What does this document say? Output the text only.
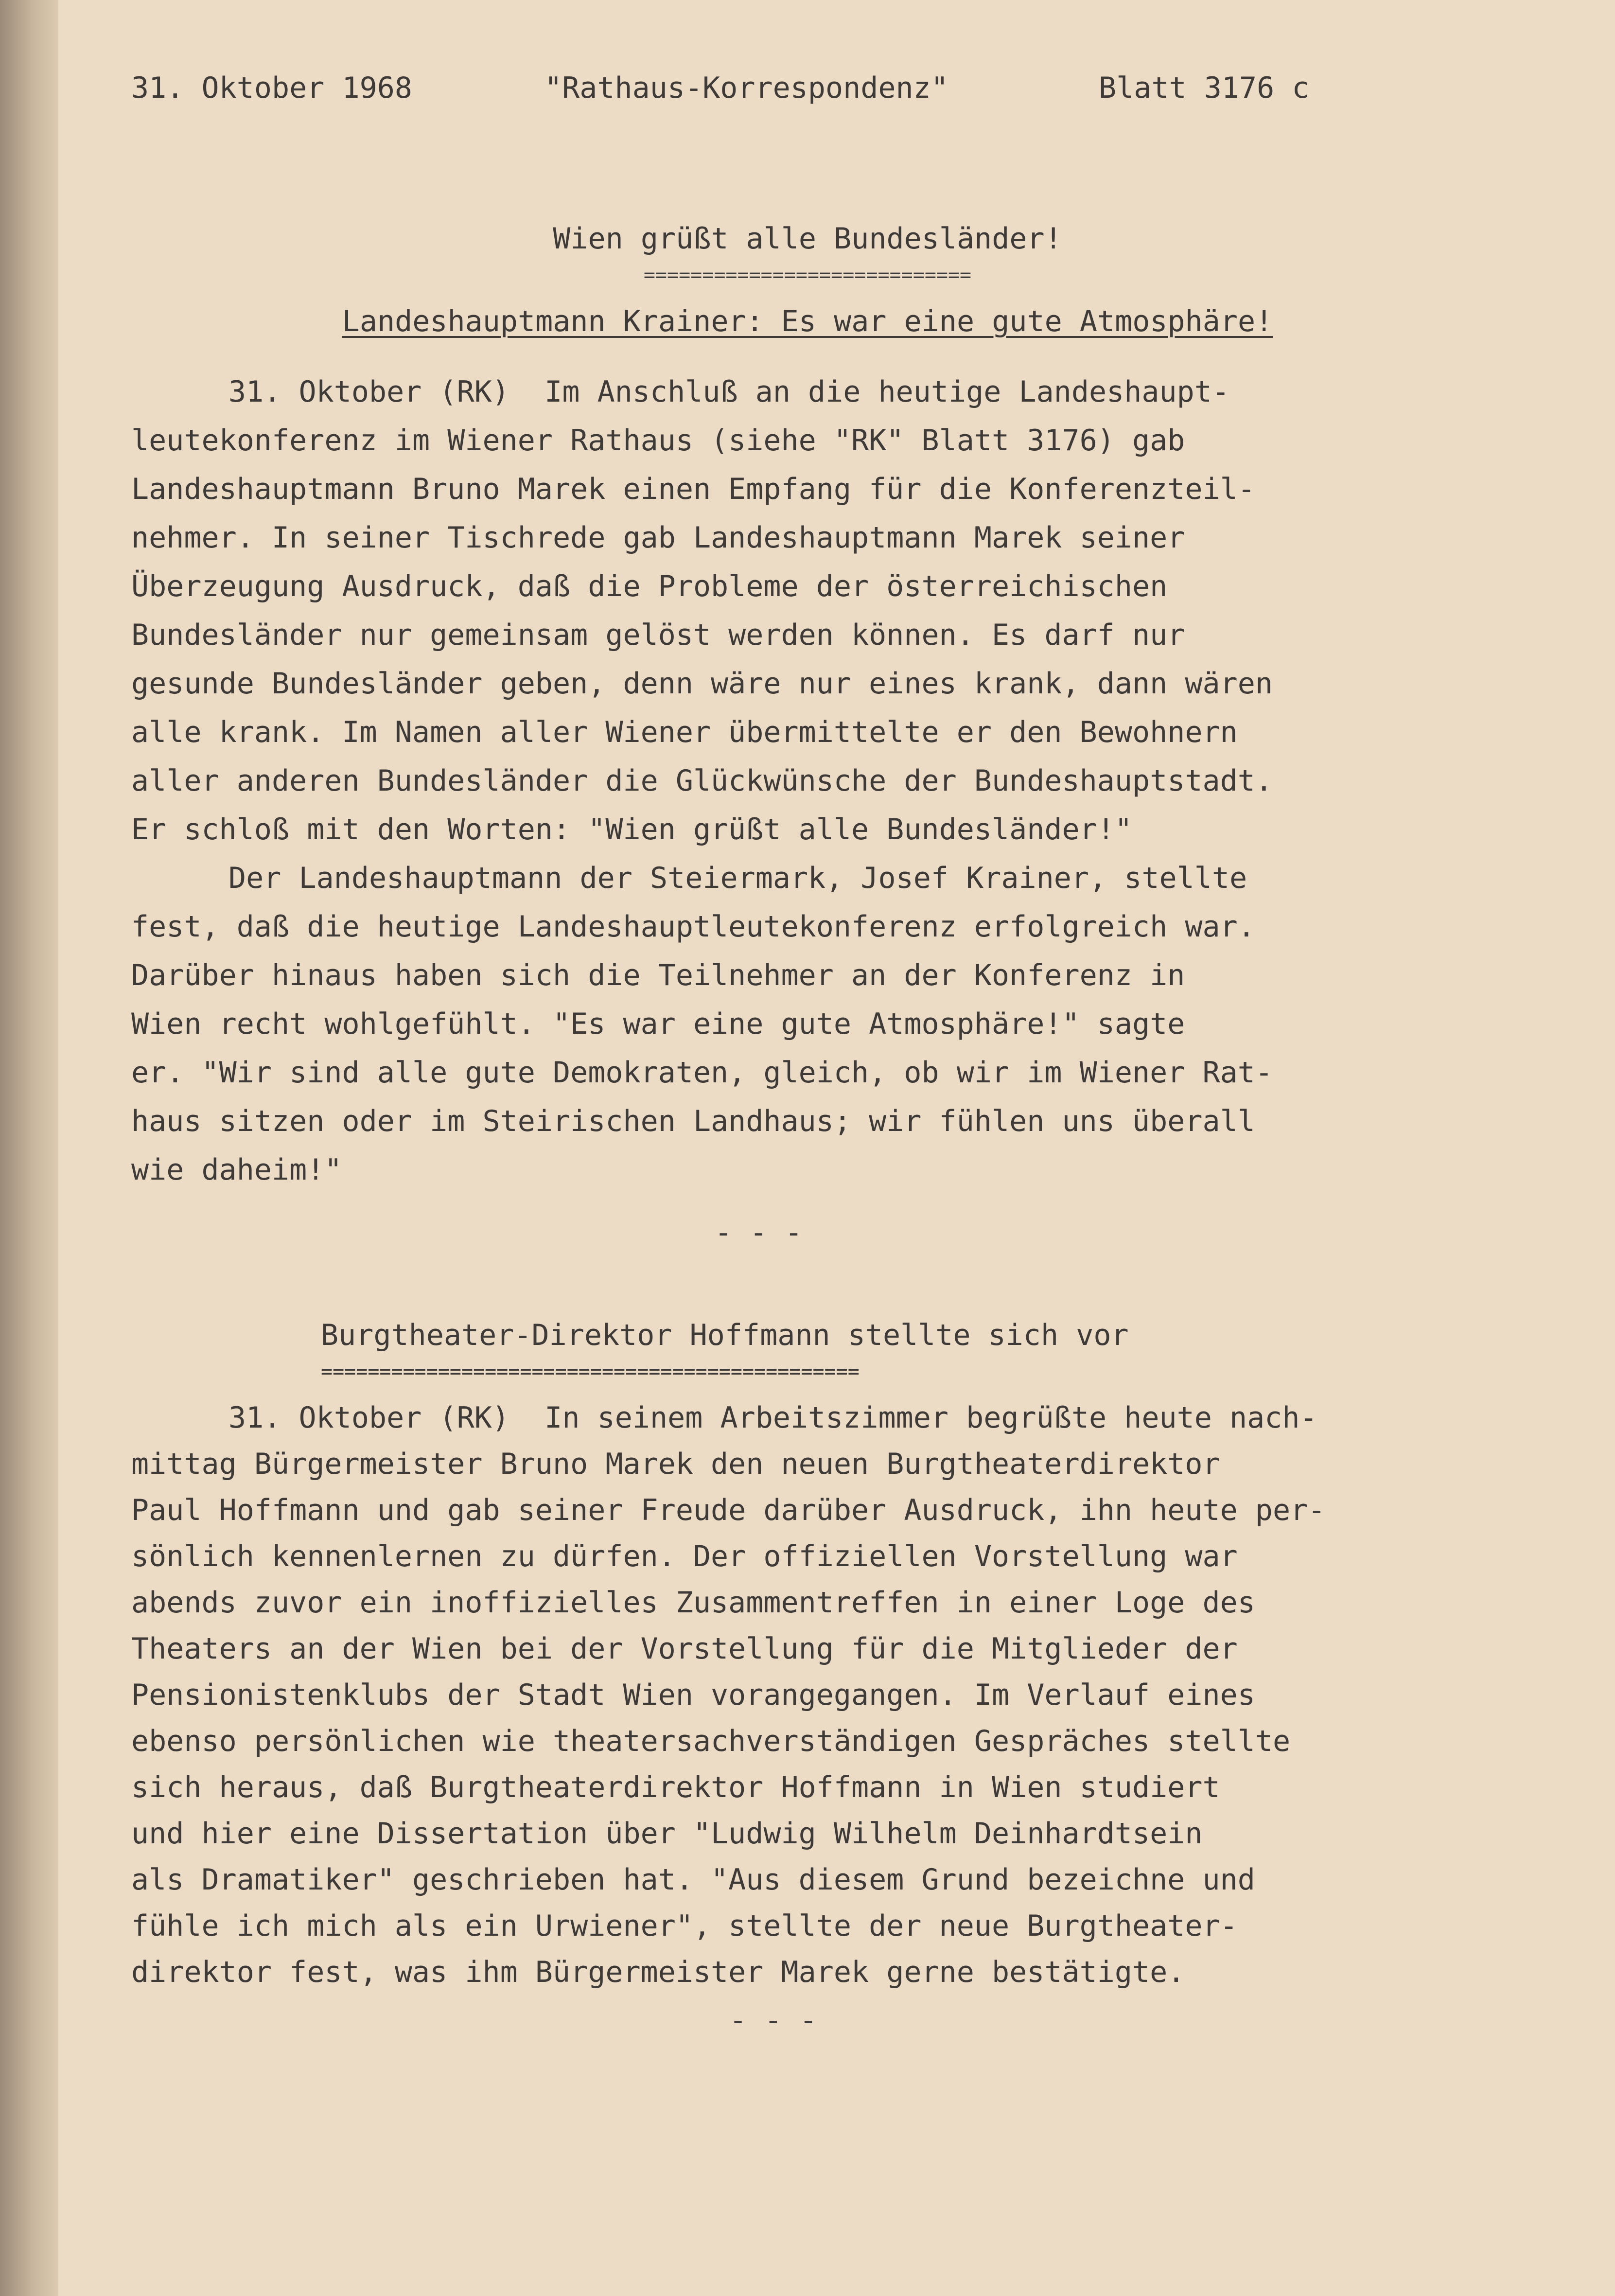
31. Oktober 1968	"Rathaus-Korrespondenz"	Blatt 3176 c
Wien grüßt alle Bundesländer!
============================
Landeshauptmann Krainer: Es war eine gute Atmosphäre!
31. Oktober (RK)  Im Anschluß an die heutige Landeshaupt-
leutekonferenz im Wiener Rathaus (siehe "RK" Blatt 3176) gab
Landeshauptmann Bruno Marek einen Empfang für die Konferenzteil-
nehmer. In seiner Tischrede gab Landeshauptmann Marek seiner
Überzeugung Ausdruck, daß die Probleme der österreichischen
Bundesländer nur gemeinsam gelöst werden können. Es darf nur
gesunde Bundesländer geben, denn wäre nur eines krank, dann wären
alle krank. Im Namen aller Wiener übermittelte er den Bewohnern
aller anderen Bundesländer die Glückwünsche der Bundeshauptstadt.
Er schloß mit den Worten: "Wien grüßt alle Bundesländer!"
Der Landeshauptmann der Steiermark, Josef Krainer, stellte
fest, daß die heutige Landeshauptleutekonferenz erfolgreich war.
Darüber hinaus haben sich die Teilnehmer an der Konferenz in
Wien recht wohlgefühlt. "Es war eine gute Atmosphäre!" sagte
er. "Wir sind alle gute Demokraten, gleich, ob wir im Wiener Rat-
haus sitzen oder im Steirischen Landhaus; wir fühlen uns überall
wie daheim!"
- - -
Burgtheater-Direktor Hoffmann stellte sich vor
==============================================
31. Oktober (RK)  In seinem Arbeitszimmer begrüßte heute nach-
mittag Bürgermeister Bruno Marek den neuen Burgtheaterdirektor
Paul Hoffmann und gab seiner Freude darüber Ausdruck, ihn heute per-
sönlich kennenlernen zu dürfen. Der offiziellen Vorstellung war
abends zuvor ein inoffizielles Zusammentreffen in einer Loge des
Theaters an der Wien bei der Vorstellung für die Mitglieder der
Pensionistenklubs der Stadt Wien vorangegangen. Im Verlauf eines
ebenso persönlichen wie theatersachverständigen Gespräches stellte
sich heraus, daß Burgtheaterdirektor Hoffmann in Wien studiert
und hier eine Dissertation über "Ludwig Wilhelm Deinhardtsein
als Dramatiker" geschrieben hat. "Aus diesem Grund bezeichne und
fühle ich mich als ein Urwiener", stellte der neue Burgtheater-
direktor fest, was ihm Bürgermeister Marek gerne bestätigte.
- - -
